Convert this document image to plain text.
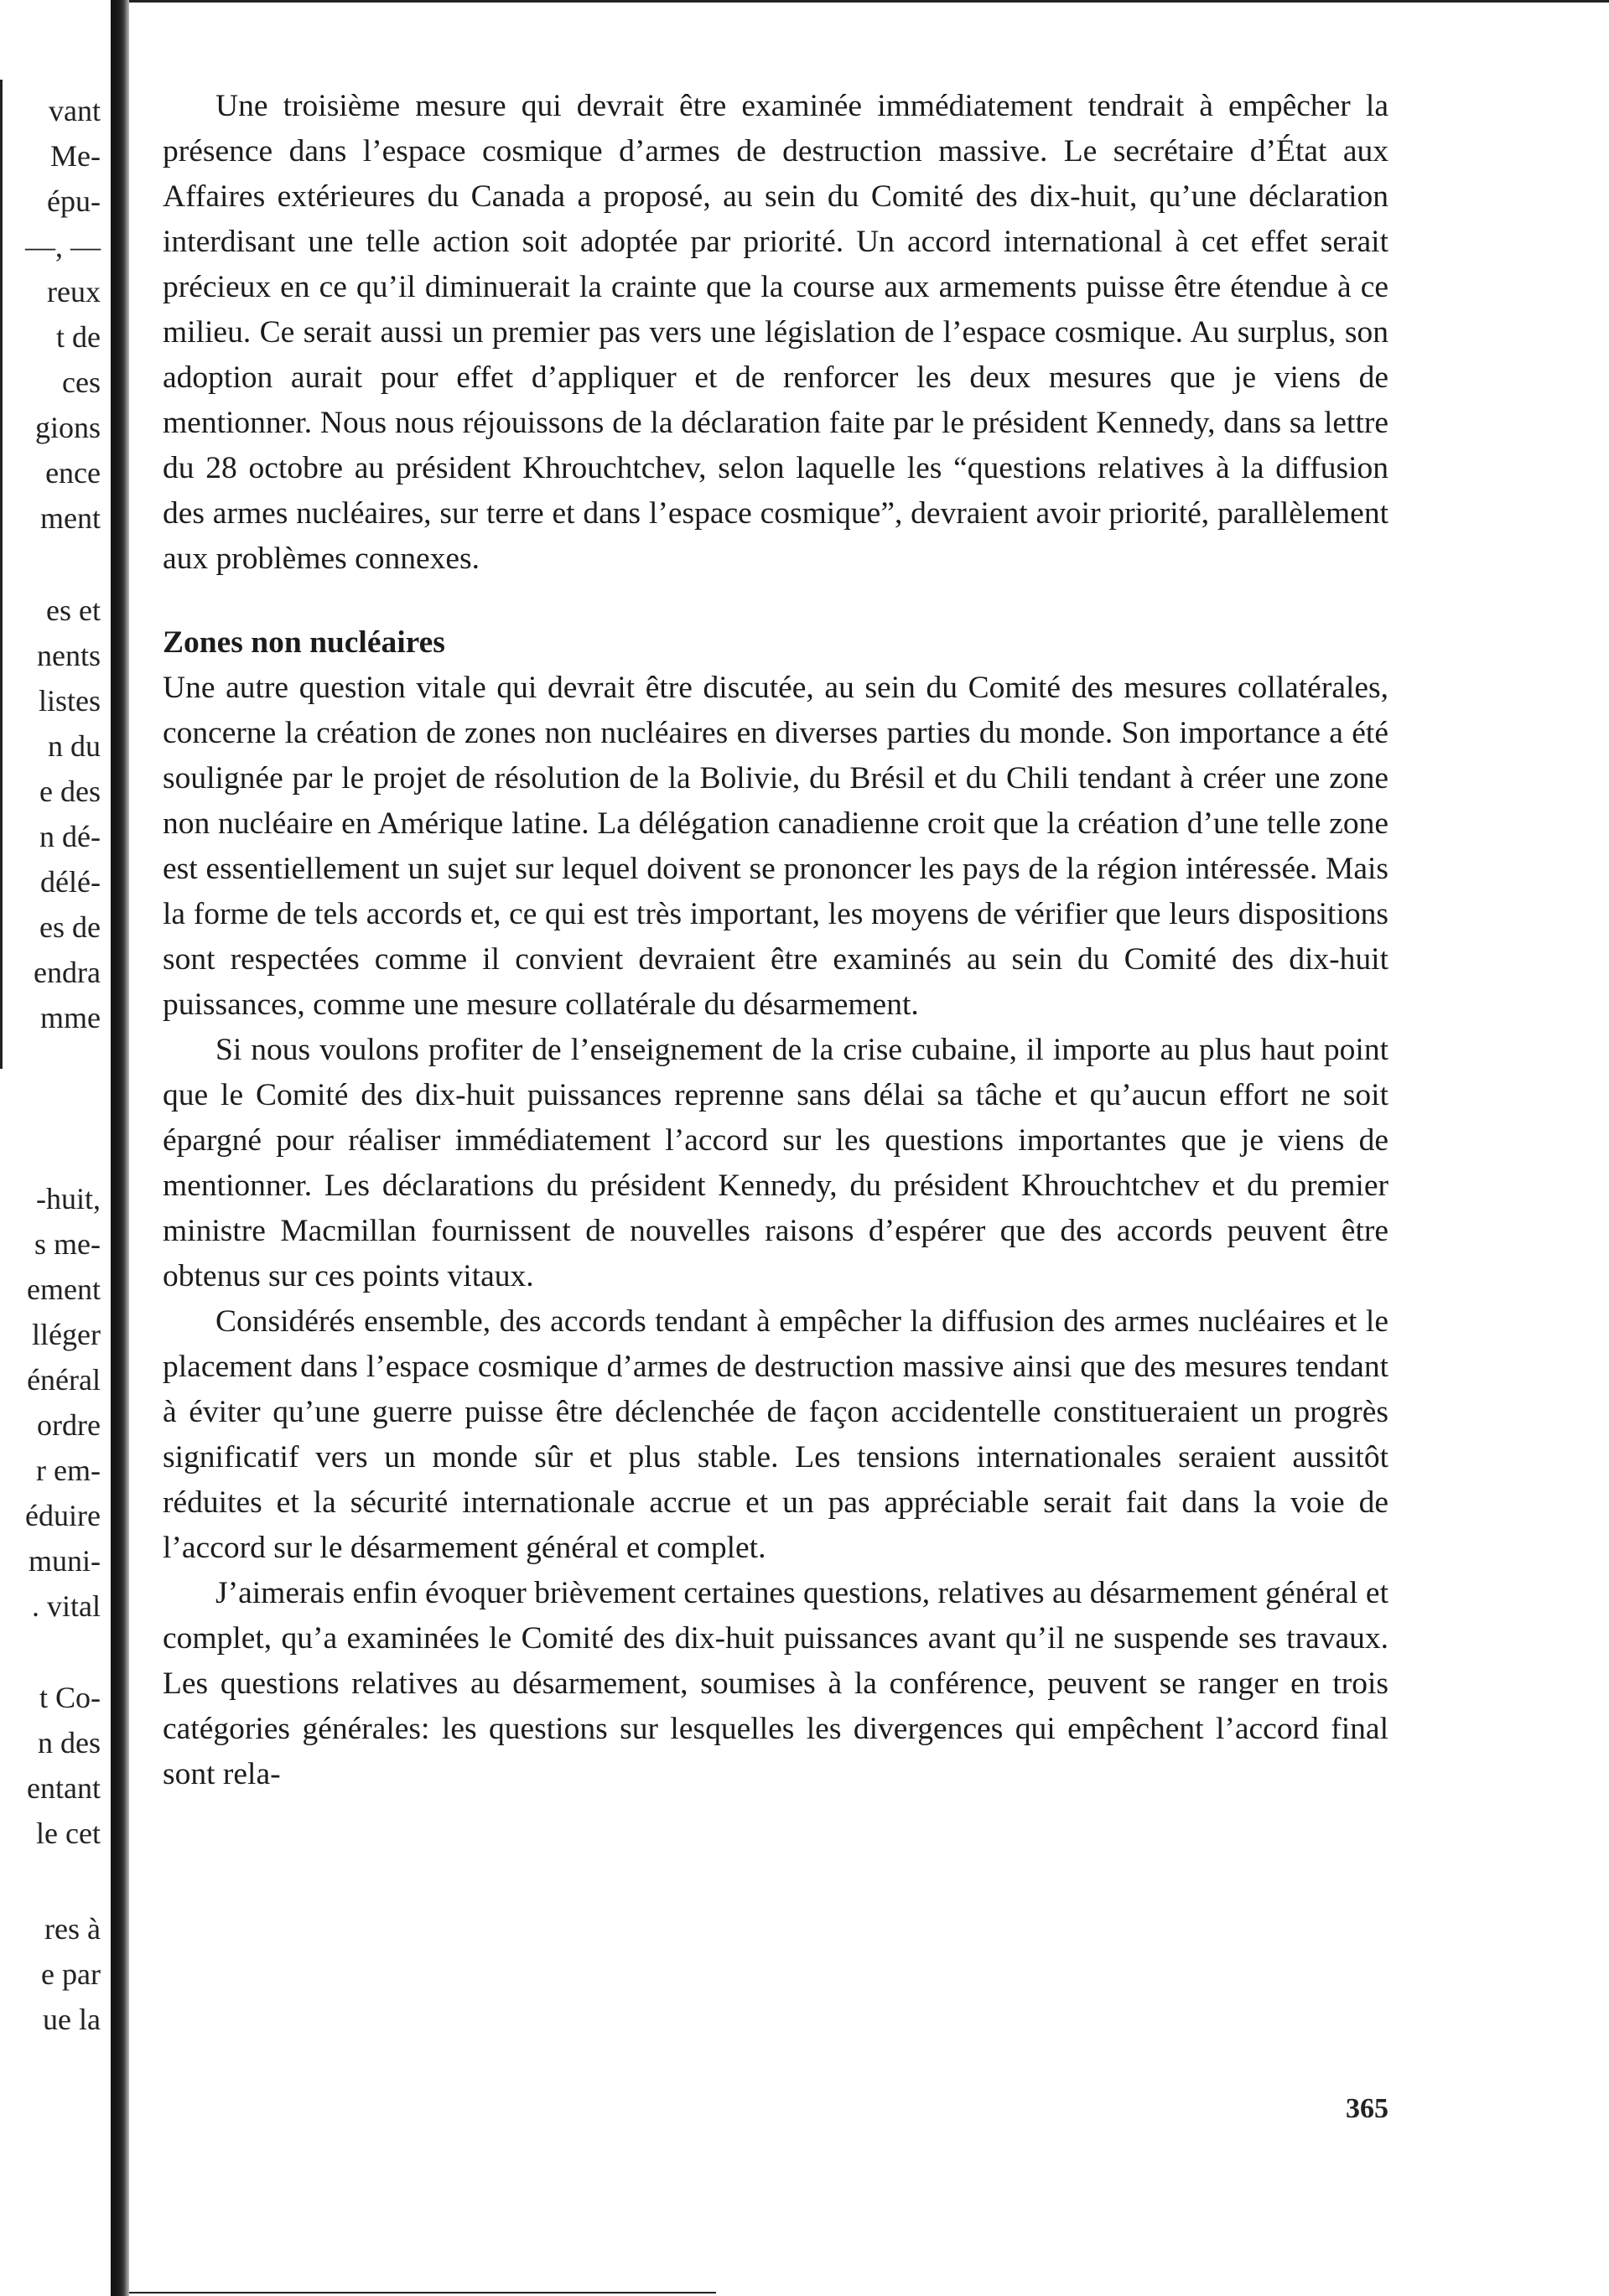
vant
Me-
épu-
—, —
reux
t de
ces
gions
ence
ment
es et
nents
listes
n du
e des
n dé-
délé-
es de
endra
mme
-huit,
s me-
ement
lléger
énéral
ordre
r em-
éduire
muni-
. vital
t Co-
n des
entant
le cet
res à
e par
ue la

Une troisième mesure qui devrait être examinée immédiatement tendrait à empêcher la présence dans l’espace cosmique d’armes de destruction massive. Le secrétaire d’État aux Affaires extérieures du Canada a proposé, au sein du Comité des dix-huit, qu’une déclaration interdisant une telle action soit adoptée par priorité. Un accord international à cet effet serait précieux en ce qu’il diminuerait la crainte que la course aux armements puisse être étendue à ce milieu. Ce serait aussi un premier pas vers une législation de l’espace cosmique. Au surplus, son adoption aurait pour effet d’appliquer et de renforcer les deux mesures que je viens de mentionner. Nous nous réjouissons de la déclaration faite par le président Kennedy, dans sa lettre du 28 octobre au président Khrouchtchev, selon laquelle les “questions relatives à la diffusion des armes nucléaires, sur terre et dans l’espace cosmique”, devraient avoir priorité, parallèlement aux problèmes connexes.

Zones non nucléaires

Une autre question vitale qui devrait être discutée, au sein du Comité des mesures collatérales, concerne la création de zones non nucléaires en diverses parties du monde. Son importance a été soulignée par le projet de résolution de la Bolivie, du Brésil et du Chili tendant à créer une zone non nucléaire en Amérique latine. La délégation canadienne croit que la création d’une telle zone est essentiellement un sujet sur lequel doivent se prononcer les pays de la région intéressée. Mais la forme de tels accords et, ce qui est très important, les moyens de vérifier que leurs dispositions sont respectées comme il convient devraient être examinés au sein du Comité des dix-huit puissances, comme une mesure collatérale du désarmement.

Si nous voulons profiter de l’enseignement de la crise cubaine, il importe au plus haut point que le Comité des dix-huit puissances reprenne sans délai sa tâche et qu’aucun effort ne soit épargné pour réaliser immédiatement l’accord sur les questions importantes que je viens de mentionner. Les déclarations du président Kennedy, du président Khrouchtchev et du premier ministre Macmillan fournissent de nouvelles raisons d’espérer que des accords peuvent être obtenus sur ces points vitaux.

Considérés ensemble, des accords tendant à empêcher la diffusion des armes nucléaires et le placement dans l’espace cosmique d’armes de destruction massive ainsi que des mesures tendant à éviter qu’une guerre puisse être déclenchée de façon accidentelle constitueraient un progrès significatif vers un monde sûr et plus stable. Les tensions internationales seraient aussitôt réduites et la sécurité internationale accrue et un pas appréciable serait fait dans la voie de l’accord sur le désarmement général et complet.

J’aimerais enfin évoquer brièvement certaines questions, relatives au désarmement général et complet, qu’a examinées le Comité des dix-huit puissances avant qu’il ne suspende ses travaux. Les questions relatives au désarmement, soumises à la conférence, peuvent se ranger en trois catégories générales: les questions sur lesquelles les divergences qui empêchent l’accord final sont rela-

365
